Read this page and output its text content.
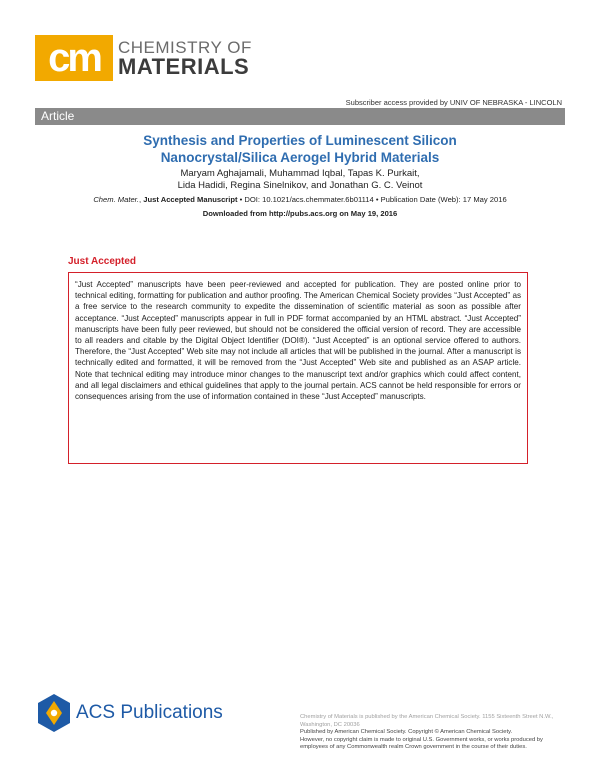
cm	CHEMISTRY OF
MATERIALS
Subscriber access provided by UNIV OF NEBRASKA - LINCOLN
Article
Synthesis and Properties of Luminescent Silicon
Nanocrystal/Silica Aerogel Hybrid Materials
Maryam Aghajamali, Muhammad Iqbal, Tapas K. Purkait,
Lida Hadidi, Regina Sinelnikov, and Jonathan G. C. Veinot
Chem. Mater., Just Accepted Manuscript • DOI: 10.1021/acs.chemmater.6b01114 • Publication Date (Web): 17 May 2016
Downloaded from http://pubs.acs.org on May 19, 2016
Just Accepted
“Just Accepted” manuscripts have been peer-reviewed and accepted for publication. They are posted online prior to technical editing, formatting for publication and author proofing. The American Chemical Society provides “Just Accepted” as a free service to the research community to expedite the dissemination of scientific material as soon as possible after acceptance. “Just Accepted” manuscripts appear in full in PDF format accompanied by an HTML abstract. “Just Accepted” manuscripts have been fully peer reviewed, but should not be considered the official version of record. They are accessible to all readers and citable by the Digital Object Identifier (DOI®). “Just Accepted” is an optional service offered to authors. Therefore, the “Just Accepted” Web site may not include all articles that will be published in the journal. After a manuscript is technically edited and formatted, it will be removed from the “Just Accepted” Web site and published as an ASAP article. Note that technical editing may introduce minor changes to the manuscript text and/or graphics which could affect content, and all legal disclaimers and ethical guidelines that apply to the journal pertain. ACS cannot be held responsible for errors or consequences arising from the use of information contained in these “Just Accepted” manuscripts.
ACS Publications	Chemistry of Materials is published by the American Chemical Society. 1155 Sixteenth Street N.W., Washington, DC 20036
Published by American Chemical Society. Copyright © American Chemical Society.
However, no copyright claim is made to original U.S. Government works, or works produced by employees of any Commonwealth realm Crown government in the course of their duties.
